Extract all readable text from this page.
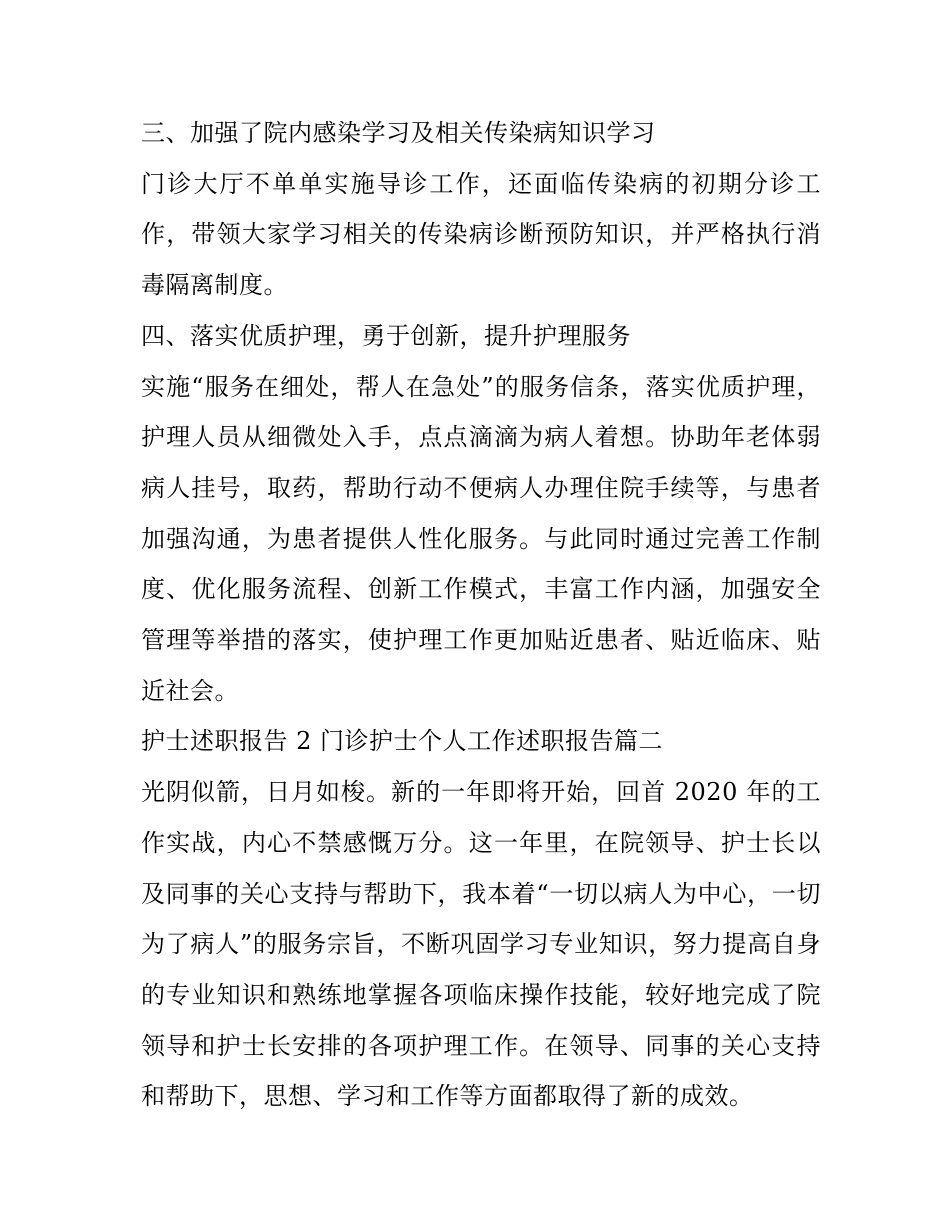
三、加强了院内感染学习及相关传染病知识学习

门诊大厅不单单实施导诊工作，还面临传染病的初期分诊工作，带领大家学习相关的传染病诊断预防知识，并严格执行消毒隔离制度。

四、落实优质护理，勇于创新，提升护理服务

实施“服务在细处，帮人在急处”的服务信条，落实优质护理，护理人员从细微处入手，点点滴滴为病人着想。协助年老体弱病人挂号，取药，帮助行动不便病人办理住院手续等，与患者加强沟通，为患者提供人性化服务。与此同时通过完善工作制度、优化服务流程、创新工作模式，丰富工作内涵，加强安全管理等举措的落实，使护理工作更加贴近患者、贴近临床、贴近社会。

护士述职报告 2 门诊护士个人工作述职报告篇二

光阴似箭，日月如梭。新的一年即将开始，回首 2020 年的工作实战，内心不禁感慨万分。这一年里，在院领导、护士长以及同事的关心支持与帮助下，我本着“一切以病人为中心，一切为了病人”的服务宗旨，不断巩固学习专业知识，努力提高自身的专业知识和熟练地掌握各项临床操作技能，较好地完成了院领导和护士长安排的各项护理工作。在领导、同事的关心支持和帮助下，思想、学习和工作等方面都取得了新的成效。
